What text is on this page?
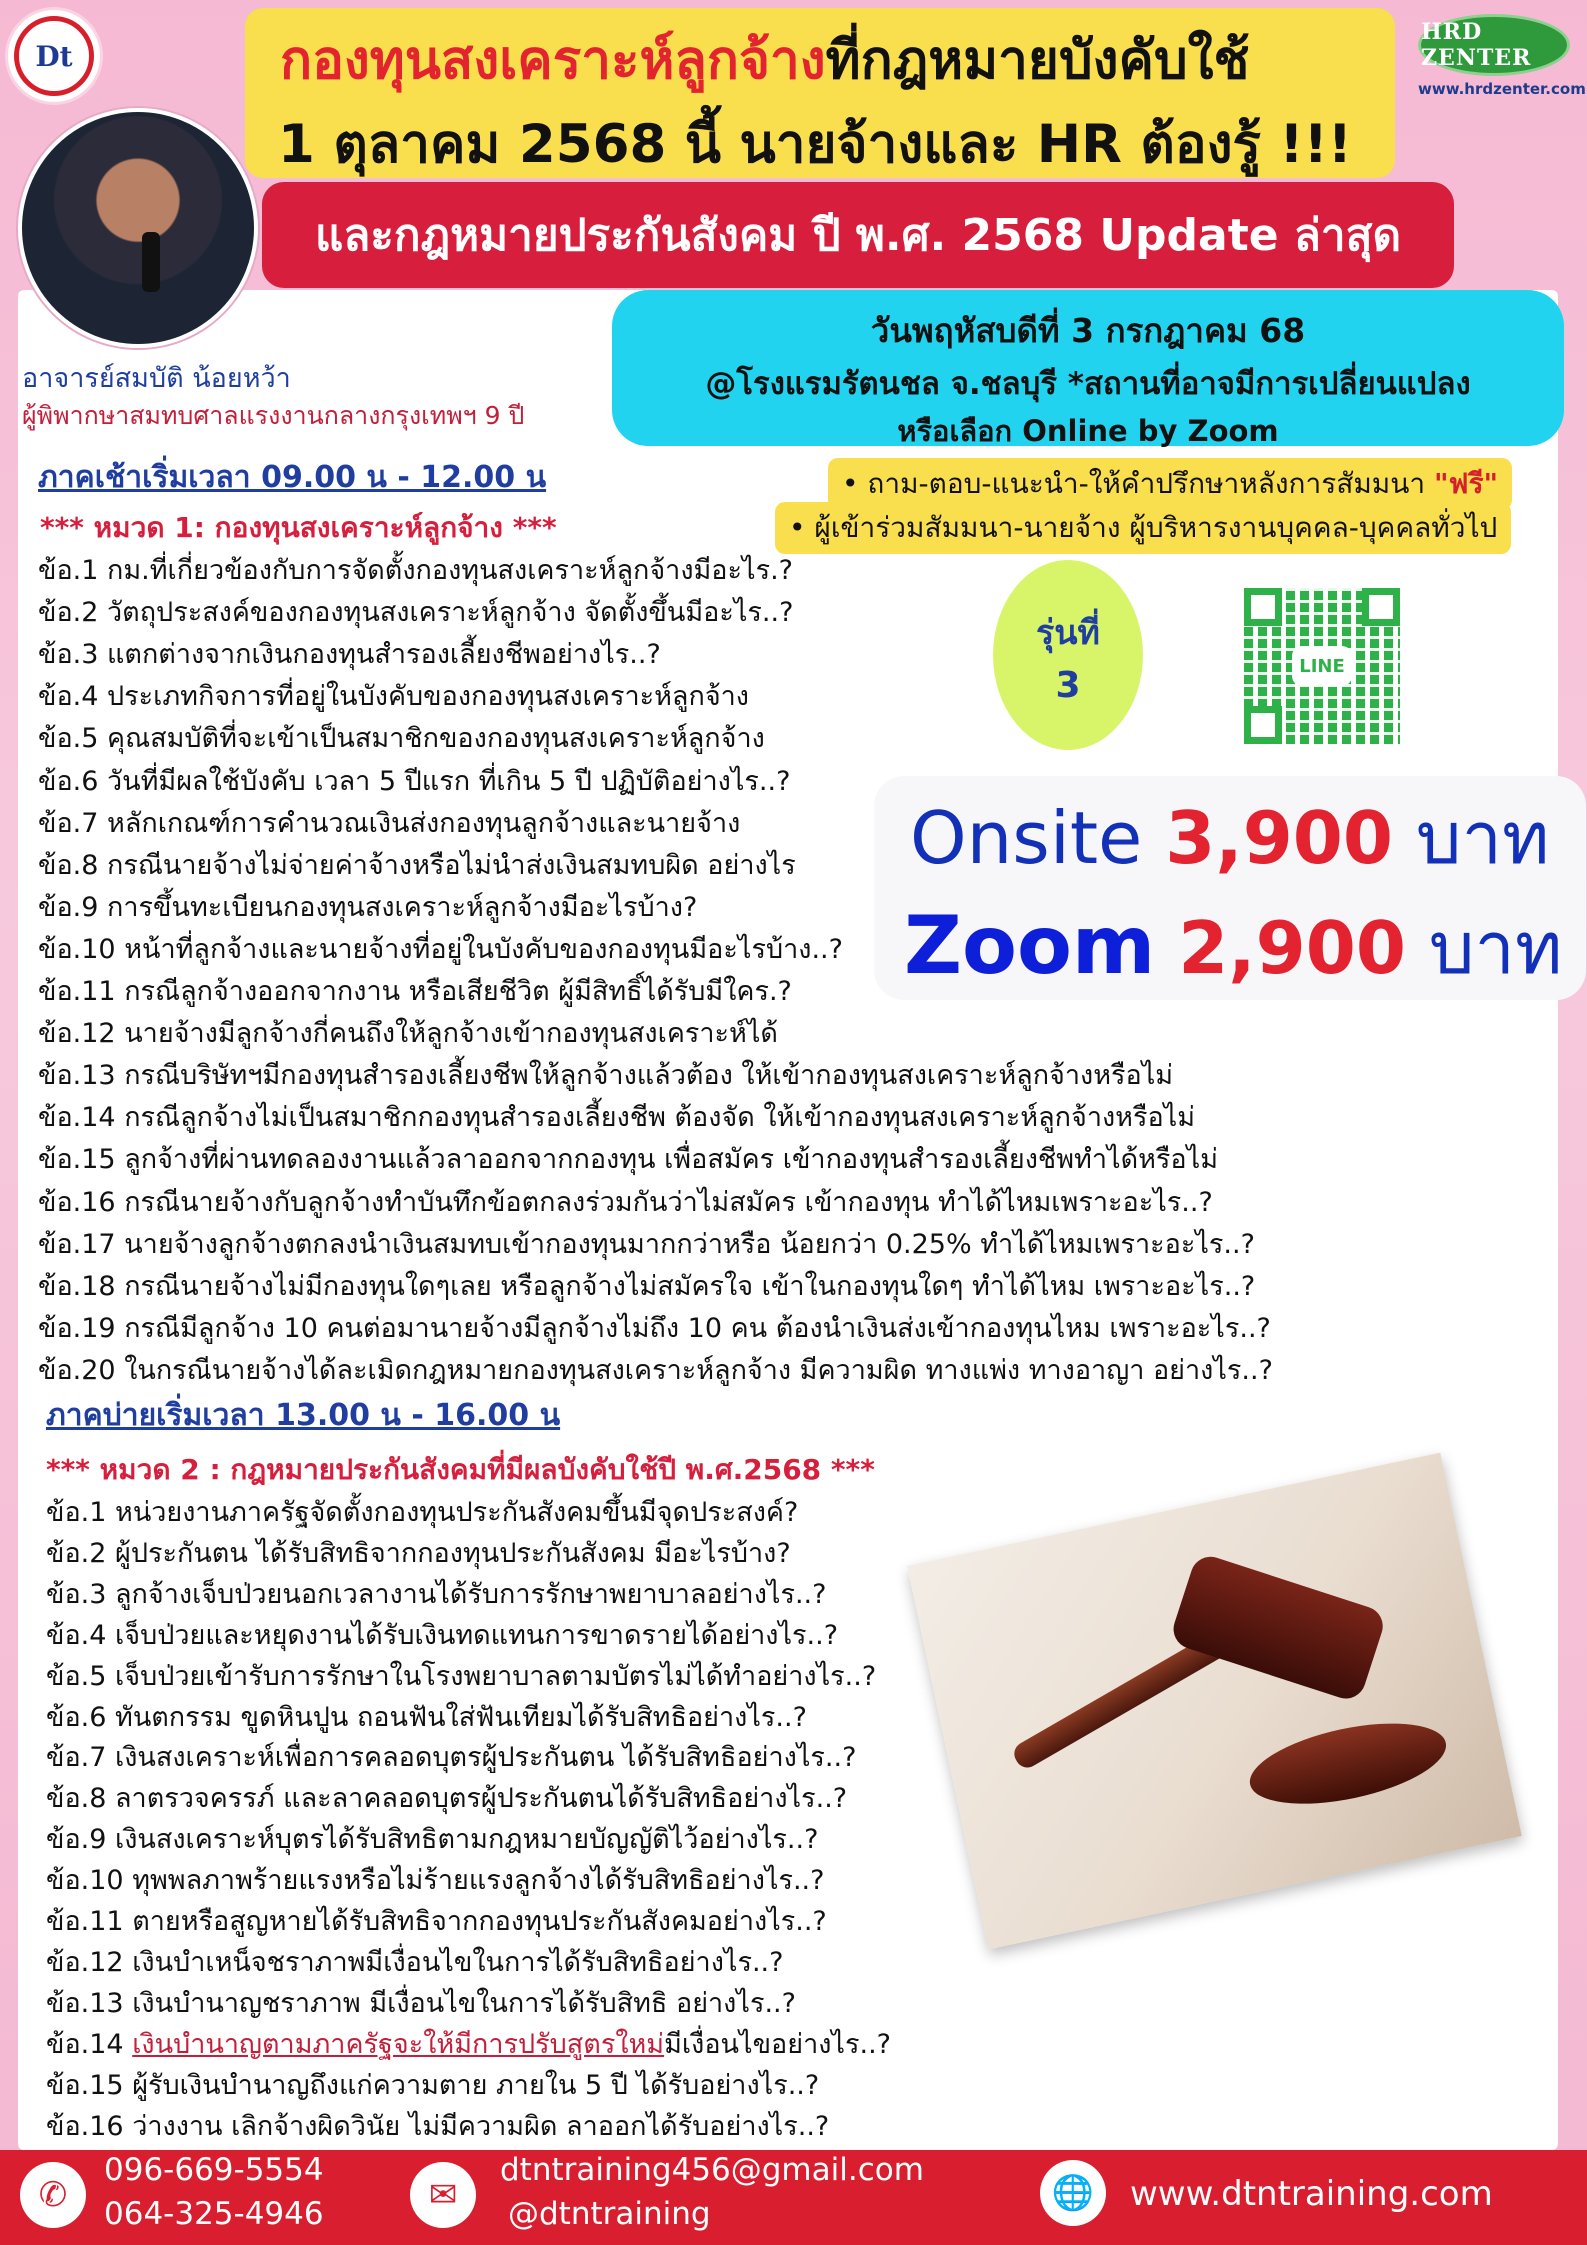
Dt	กองทุนสงเคราะห์ลูกจ้างที่กฎหมายบังคับใช้
1 ตุลาคม 2568 นี้ นายจ้างและ HR ต้องรู้ !!!
และกฎหมายประกันสังคม ปี พ.ศ. 2568 Update ล่าสุด
HRD ZENTER
www.hrdzenter.com
อาจารย์สมบัติ น้อยหว้า
ผู้พิพากษาสมทบศาลแรงงานกลางกรุงเทพฯ 9 ปี
วันพฤหัสบดีที่ 3 กรกฎาคม 68
@โรงแรมรัตนชล จ.ชลบุรี *สถานที่อาจมีการเปลี่ยนแปลง
หรือเลือก Online by Zoom
• ถาม-ตอบ-แนะนำ-ให้คำปรึกษาหลังการสัมมนา "ฟรี"
• ผู้เข้าร่วมสัมมนา-นายจ้าง ผู้บริหารงานบุคคล-บุคคลทั่วไป
ภาคเช้าเริ่มเวลา 09.00 น - 12.00 น
*** หมวด 1: กองทุนสงเคราะห์ลูกจ้าง ***
ข้อ.1 กม.ที่เกี่ยวข้องกับการจัดตั้งกองทุนสงเคราะห์ลูกจ้างมีอะไร.?
ข้อ.2 วัตถุประสงค์ของกองทุนสงเคราะห์ลูกจ้าง จัดตั้งขึ้นมีอะไร..?
ข้อ.3 แตกต่างจากเงินกองทุนสำรองเลี้ยงชีพอย่างไร..?
ข้อ.4 ประเภทกิจการที่อยู่ในบังคับของกองทุนสงเคราะห์ลูกจ้าง
ข้อ.5 คุณสมบัติที่จะเข้าเป็นสมาชิกของกองทุนสงเคราะห์ลูกจ้าง
ข้อ.6 วันที่มีผลใช้บังคับ เวลา 5 ปีแรก ที่เกิน 5 ปี ปฏิบัติอย่างไร..?
ข้อ.7 หลักเกณฑ์การคำนวณเงินส่งกองทุนลูกจ้างและนายจ้าง
ข้อ.8 กรณีนายจ้างไม่จ่ายค่าจ้างหรือไม่นำส่งเงินสมทบผิด อย่างไร
ข้อ.9 การขึ้นทะเบียนกองทุนสงเคราะห์ลูกจ้างมีอะไรบ้าง?
ข้อ.10 หน้าที่ลูกจ้างและนายจ้างที่อยู่ในบังคับของกองทุนมีอะไรบ้าง..?
ข้อ.11 กรณีลูกจ้างออกจากงาน หรือเสียชีวิต ผู้มีสิทธิ์ได้รับมีใคร.?
ข้อ.12 นายจ้างมีลูกจ้างกี่คนถึงให้ลูกจ้างเข้ากองทุนสงเคราะห์ได้
ข้อ.13 กรณีบริษัทฯมีกองทุนสำรองเลี้ยงชีพให้ลูกจ้างแล้วต้อง ให้เข้ากองทุนสงเคราะห์ลูกจ้างหรือไม่
ข้อ.14 กรณีลูกจ้างไม่เป็นสมาชิกกองทุนสำรองเลี้ยงชีพ ต้องจัด ให้เข้ากองทุนสงเคราะห์ลูกจ้างหรือไม่
ข้อ.15 ลูกจ้างที่ผ่านทดลองงานแล้วลาออกจากกองทุน เพื่อสมัคร เข้ากองทุนสำรองเลี้ยงชีพทำได้หรือไม่
ข้อ.16 กรณีนายจ้างกับลูกจ้างทำบันทึกข้อตกลงร่วมกันว่าไม่สมัคร เข้ากองทุน ทำได้ไหมเพราะอะไร..?
ข้อ.17 นายจ้างลูกจ้างตกลงนำเงินสมทบเข้ากองทุนมากกว่าหรือ น้อยกว่า 0.25% ทำได้ไหมเพราะอะไร..?
ข้อ.18 กรณีนายจ้างไม่มีกองทุนใดๆเลย หรือลูกจ้างไม่สมัครใจ เข้าในกองทุนใดๆ ทำได้ไหม เพราะอะไร..?
ข้อ.19 กรณีมีลูกจ้าง 10 คนต่อมานายจ้างมีลูกจ้างไม่ถึง 10 คน ต้องนำเงินส่งเข้ากองทุนไหม เพราะอะไร..?
ข้อ.20 ในกรณีนายจ้างได้ละเมิดกฎหมายกองทุนสงเคราะห์ลูกจ้าง มีความผิด ทางแพ่ง ทางอาญา อย่างไร..?
รุ่นที่
3	LINE
Onsite 3,900 บาท
Zoom 2,900 บาท
ภาคบ่ายเริ่มเวลา 13.00 น - 16.00 น
*** หมวด 2 : กฎหมายประกันสังคมที่มีผลบังคับใช้ปี พ.ศ.2568 ***
ข้อ.1 หน่วยงานภาครัฐจัดตั้งกองทุนประกันสังคมขึ้นมีจุดประสงค์?
ข้อ.2 ผู้ประกันตน ได้รับสิทธิจากกองทุนประกันสังคม มีอะไรบ้าง?
ข้อ.3 ลูกจ้างเจ็บป่วยนอกเวลางานได้รับการรักษาพยาบาลอย่างไร..?
ข้อ.4 เจ็บป่วยและหยุดงานได้รับเงินทดแทนการขาดรายได้อย่างไร..?
ข้อ.5 เจ็บป่วยเข้ารับการรักษาในโรงพยาบาลตามบัตรไม่ได้ทำอย่างไร..?
ข้อ.6 ทันตกรรม ขูดหินปูน ถอนฟันใส่ฟันเทียมได้รับสิทธิอย่างไร..?
ข้อ.7 เงินสงเคราะห์เพื่อการคลอดบุตรผู้ประกันตน ได้รับสิทธิอย่างไร..?
ข้อ.8 ลาตรวจครรภ์ และลาคลอดบุตรผู้ประกันตนได้รับสิทธิอย่างไร..?
ข้อ.9 เงินสงเคราะห์บุตรได้รับสิทธิตามกฎหมายบัญญัติไว้อย่างไร..?
ข้อ.10 ทุพพลภาพร้ายแรงหรือไม่ร้ายแรงลูกจ้างได้รับสิทธิอย่างไร..?
ข้อ.11 ตายหรือสูญหายได้รับสิทธิจากกองทุนประกันสังคมอย่างไร..?
ข้อ.12 เงินบำเหน็จชราภาพมีเงื่อนไขในการได้รับสิทธิอย่างไร..?
ข้อ.13 เงินบำนาญชราภาพ มีเงื่อนไขในการได้รับสิทธิ อย่างไร..?
ข้อ.14 เงินบำนาญตามภาครัฐจะให้มีการปรับสูตรใหม่มีเงื่อนไขอย่างไร..?
ข้อ.15 ผู้รับเงินบำนาญถึงแก่ความตาย ภายใน 5 ปี ได้รับอย่างไร..?
ข้อ.16 ว่างงาน เลิกจ้างผิดวินัย ไม่มีความผิด ลาออกได้รับอย่างไร..?
✆
096-669-5554
064-325-4946	✉
dtntraining456@gmail.com
@dtntraining
🌐	www.dtntraining.com
